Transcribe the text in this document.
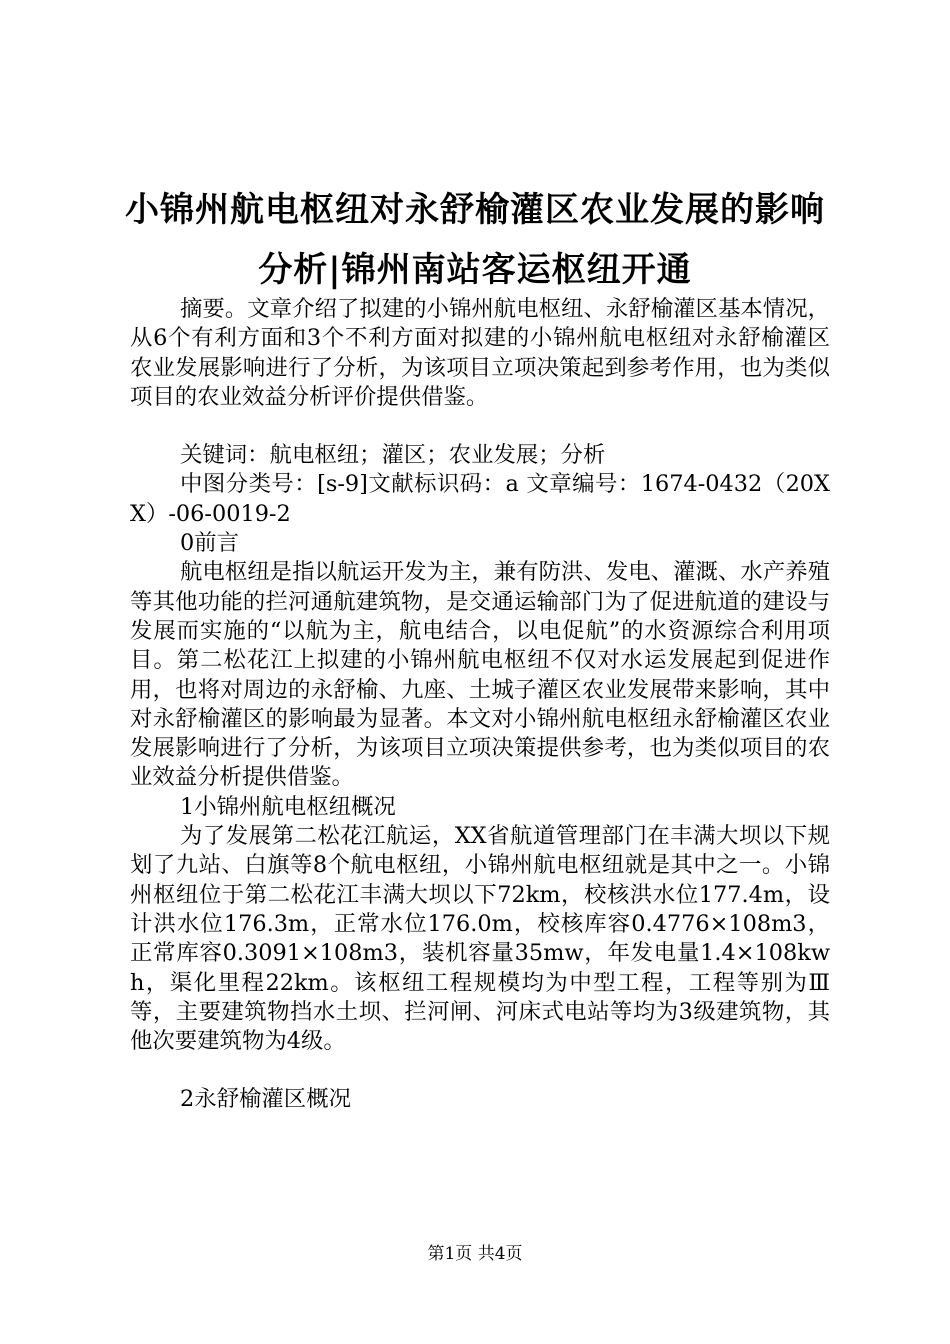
小锦州航电枢纽对永舒榆灌区农业发展的影响
分析|锦州南站客运枢纽开通

摘要。文章介绍了拟建的小锦州航电枢纽、永舒榆灌区基本情况，从6个有利方面和3个不利方面对拟建的小锦州航电枢纽对永舒榆灌区农业发展影响进行了分析，为该项目立项决策起到参考作用，也为类似项目的农业效益分析评价提供借鉴。

关键词：航电枢纽；灌区；农业发展；分析

中图分类号：[s-9]文献标识码：a 文章编号：1674-0432（20XX）-06-0019-2

0前言

航电枢纽是指以航运开发为主，兼有防洪、发电、灌溉、水产养殖等其他功能的拦河通航建筑物，是交通运输部门为了促进航道的建设与发展而实施的“以航为主，航电结合，以电促航”的水资源综合利用项目。第二松花江上拟建的小锦州航电枢纽不仅对水运发展起到促进作用，也将对周边的永舒榆、九座、土城子灌区农业发展带来影响，其中对永舒榆灌区的影响最为显著。本文对小锦州航电枢纽永舒榆灌区农业发展影响进行了分析，为该项目立项决策提供参考，也为类似项目的农业效益分析提供借鉴。

1小锦州航电枢纽概况

为了发展第二松花江航运，XX省航道管理部门在丰满大坝以下规划了九站、白旗等8个航电枢纽，小锦州航电枢纽就是其中之一。小锦州枢纽位于第二松花江丰满大坝以下72km，校核洪水位177.4m，设计洪水位176.3m，正常水位176.0m，校核库容0.4776×108m3，正常库容0.3091×108m3，装机容量35mw，年发电量1.4×108kwh，渠化里程22km。该枢纽工程规模均为中型工程，工程等别为Ⅲ等，主要建筑物挡水土坝、拦河闸、河床式电站等均为3级建筑物，其他次要建筑物为4级。

2永舒榆灌区概况

第1页 共4页
